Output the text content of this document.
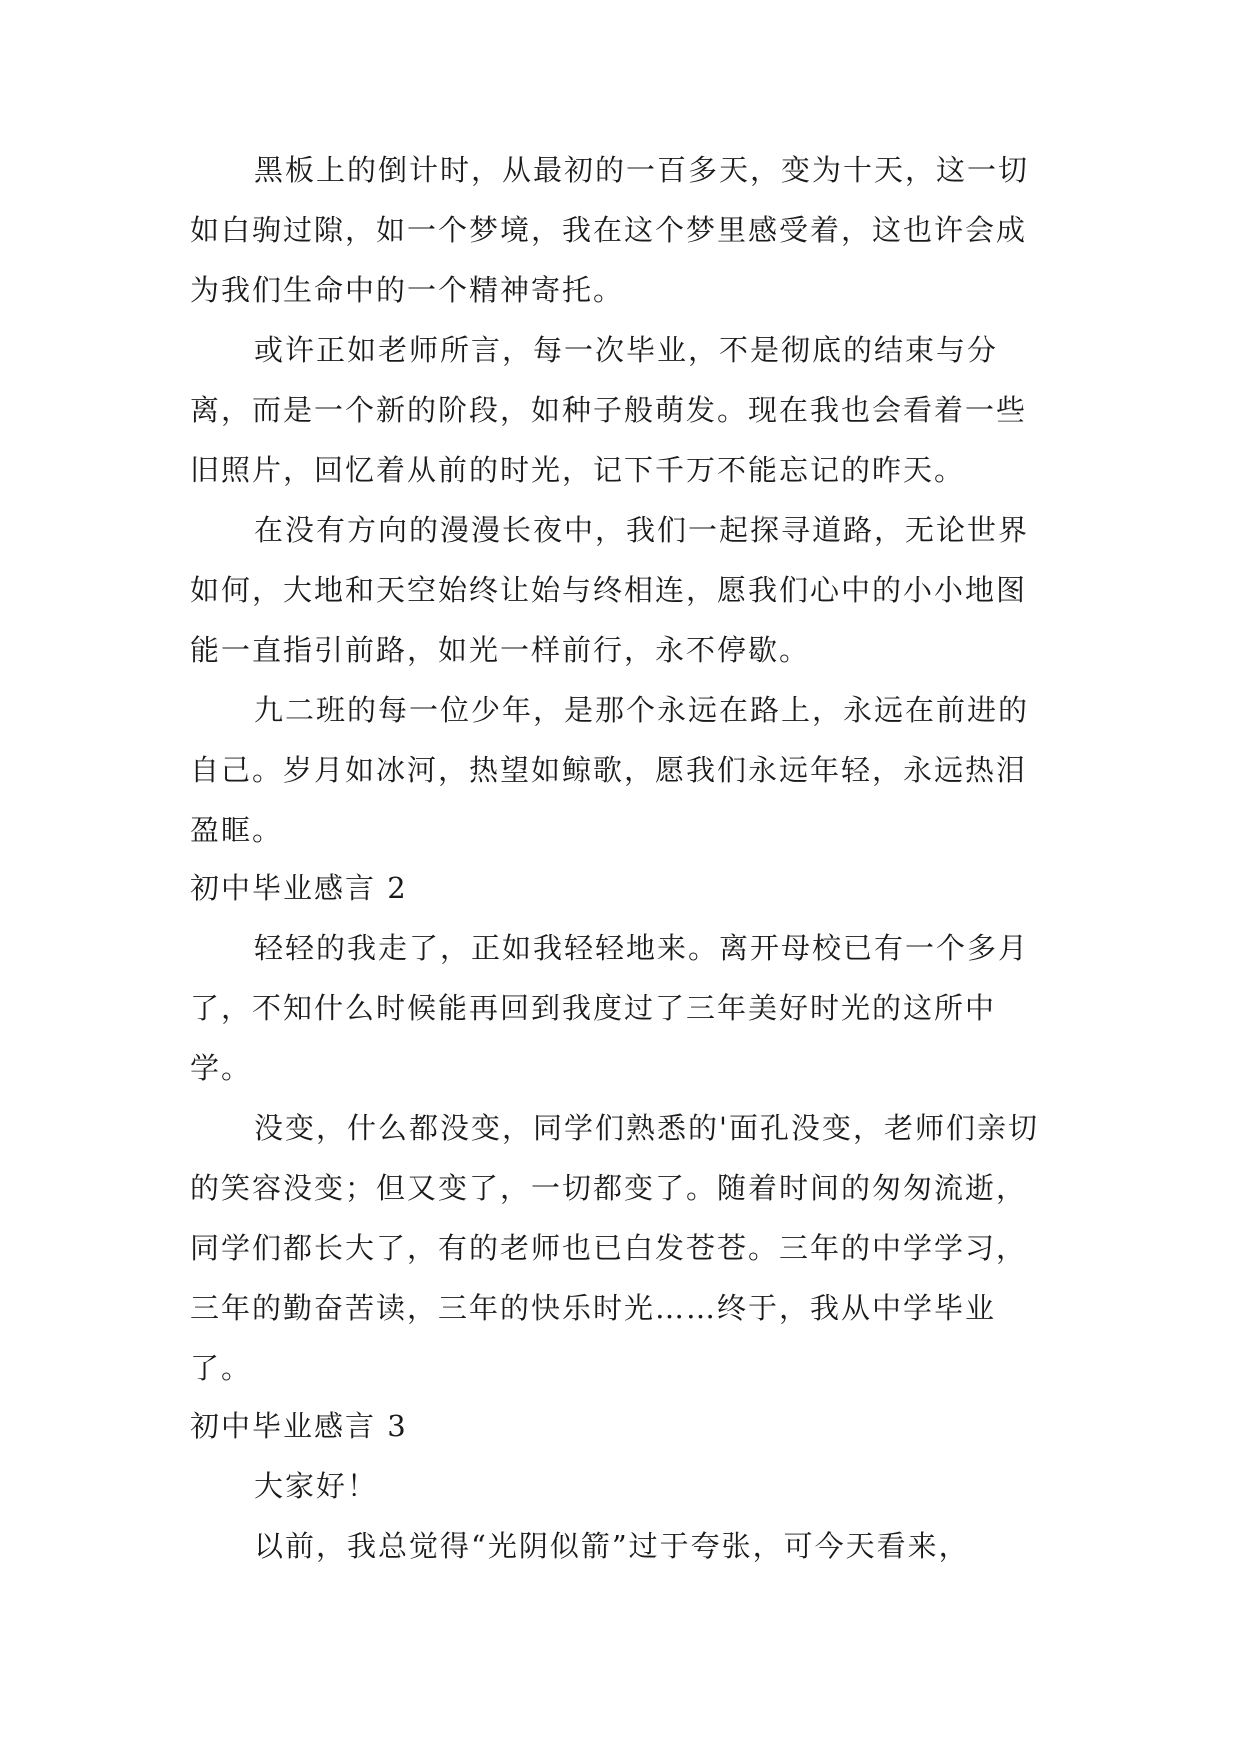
黑板上的倒计时，从最初的一百多天，变为十天，这一切如白驹过隙，如一个梦境，我在这个梦里感受着，这也许会成为我们生命中的一个精神寄托。

或许正如老师所言，每一次毕业，不是彻底的结束与分离，而是一个新的阶段，如种子般萌发。现在我也会看着一些旧照片，回忆着从前的时光，记下千万不能忘记的昨天。

在没有方向的漫漫长夜中，我们一起探寻道路，无论世界如何，大地和天空始终让始与终相连，愿我们心中的小小地图能一直指引前路，如光一样前行，永不停歇。

九二班的每一位少年，是那个永远在路上，永远在前进的自己。岁月如冰河，热望如鲸歌，愿我们永远年轻，永远热泪盈眶。

初中毕业感言 2

轻轻的我走了，正如我轻轻地来。离开母校已有一个多月了，不知什么时候能再回到我度过了三年美好时光的这所中学。

没变，什么都没变，同学们熟悉的'面孔没变，老师们亲切的笑容没变；但又变了，一切都变了。随着时间的匆匆流逝，同学们都长大了，有的老师也已白发苍苍。三年的中学学习，三年的勤奋苦读，三年的快乐时光……终于，我从中学毕业了。

初中毕业感言 3

大家好！

以前，我总觉得“光阴似箭”过于夸张，可今天看来，
